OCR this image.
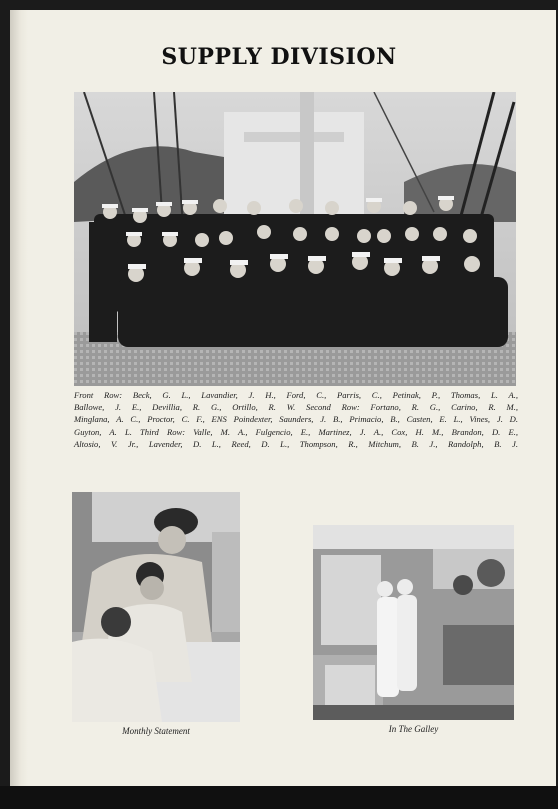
SUPPLY DIVISION
Front Row: Beck, G. L., Lavandier, J. H., Ford, C., Parris, C., Petinak, P., Thomas, L. A.,
Ballowe, J. E., Devillia, R. G., Ortillo, R. W. Second Row: Fortano, R. G., Carino, R. M.,
Minglana, A. C., Proctor, C. F., ENS Poindexter, Saunders, J. B., Primacio, B., Casten, E. L., Vines, J. D.
Guyton, A. L. Third Row: Valle, M. A., Fulgencio, E., Martinez, J. A., Cox, H. M., Brandon, D. E.,
Altosio, V. Jr., Lavender, D. L., Reed, D. L., Thompson, R., Mitchum, B. J., Randolph, B. J.
Monthly Statement	In The Galley
